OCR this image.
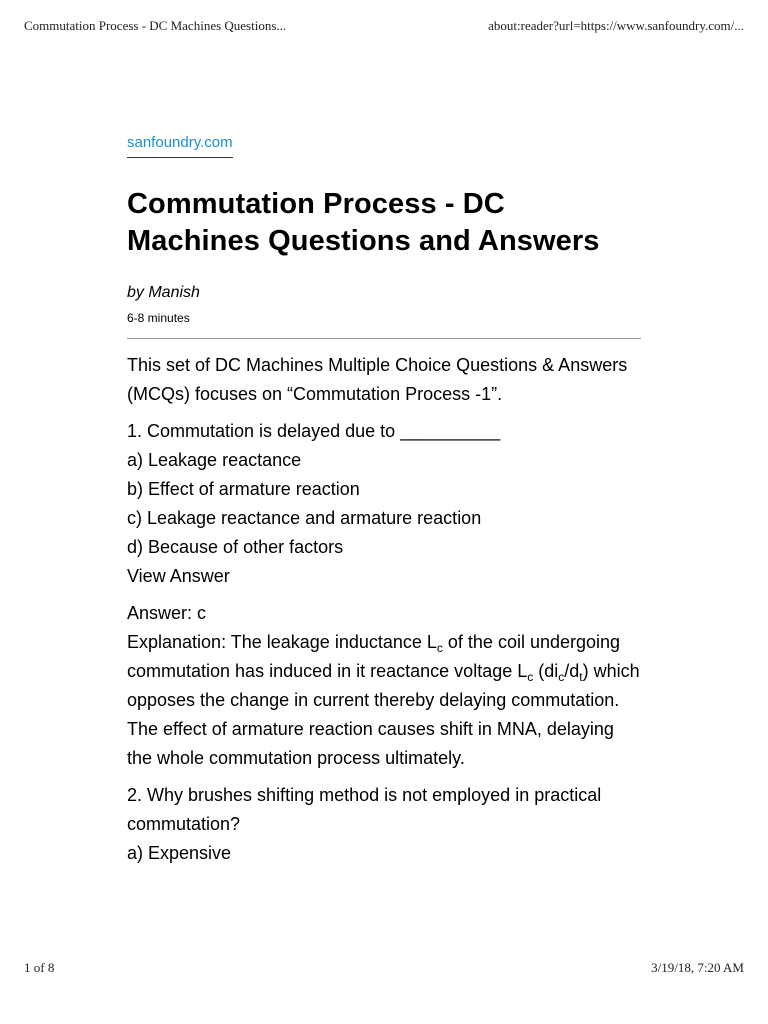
Commutation Process - DC Machines Questions...	about:reader?url=https://www.sanfoundry.com/...
sanfoundry.com
Commutation Process - DC Machines Questions and Answers
by Manish
6-8 minutes

This set of DC Machines Multiple Choice Questions & Answers (MCQs) focuses on “Commutation Process -1”.

1. Commutation is delayed due to __________
a) Leakage reactance
b) Effect of armature reaction
c) Leakage reactance and armature reaction
d) Because of other factors
View Answer

Answer: c
Explanation: The leakage inductance $L_c$ of the coil undergoing commutation has induced in it reactance voltage $L_c$ $(di_c/d_t)$ which opposes the change in current thereby delaying commutation. The effect of armature reaction causes shift in MNA, delaying the whole commutation process ultimately.

2. Why brushes shifting method is not employed in practical commutation?
a) Expensive

1 of 8	3/19/18, 7:20 AM
